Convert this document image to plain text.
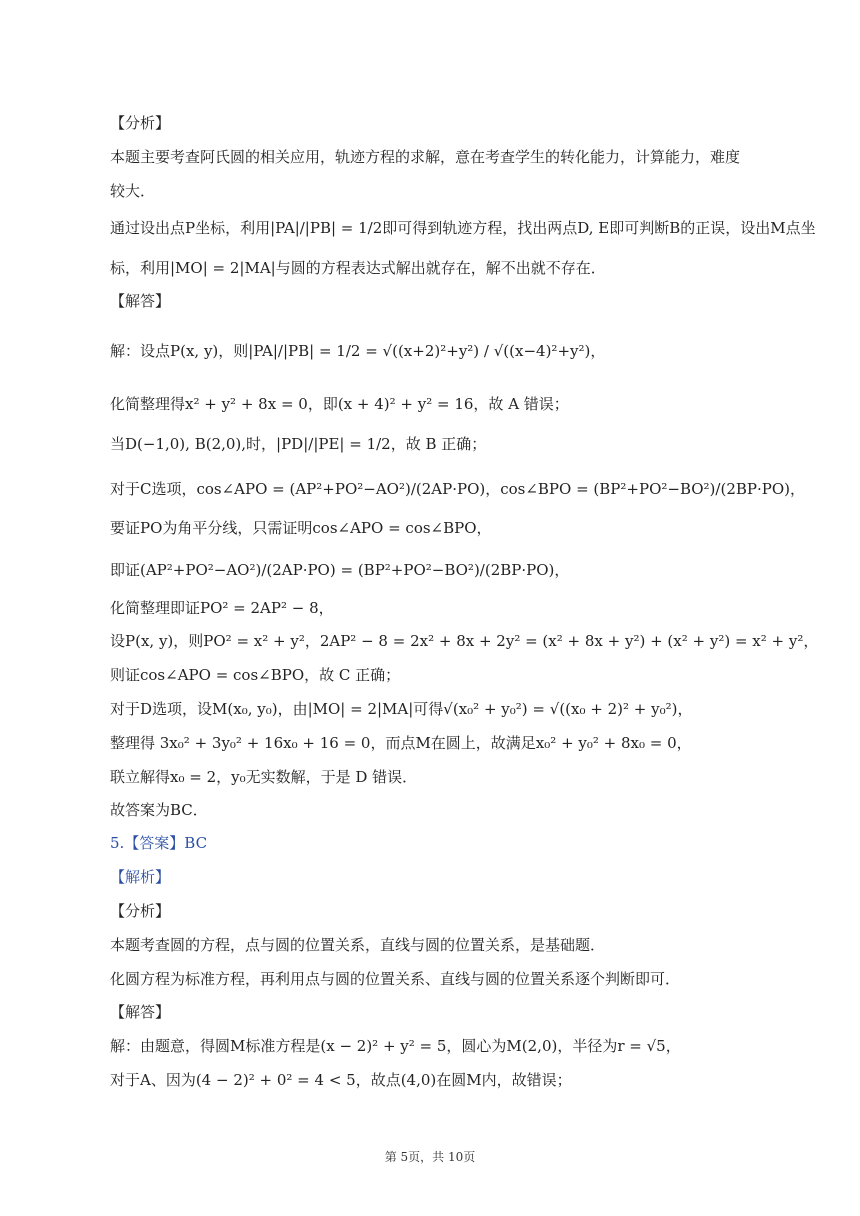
【分析】
本题主要考查阿氏圆的相关应用，轨迹方程的求解，意在考查学生的转化能力，计算能力，难度
较大．
通过设出点P坐标，利用|PA|/|PB| = 1/2即可得到轨迹方程，找出两点D, E即可判断B的正误，设出M点坐
标，利用|MO| = 2|MA|与圆的方程表达式解出就存在，解不出就不存在．
【解答】
解：设点P(x, y)，则|PA|/|PB| = 1/2 = √((x+2)²+y²) / √((x−4)²+y²)，
化简整理得x² + y² + 8x = 0，即(x + 4)² + y² = 16，故 A 错误；
当D(−1,0), B(2,0),时，|PD|/|PE| = 1/2，故 B 正确；
对于C选项，cos∠APO = (AP²+PO²−AO²)/(2AP·PO)，cos∠BPO = (BP²+PO²−BO²)/(2BP·PO)，
要证PO为角平分线，只需证明cos∠APO = cos∠BPO，
即证(AP²+PO²−AO²)/(2AP·PO) = (BP²+PO²−BO²)/(2BP·PO)，
化简整理即证PO² = 2AP² − 8，
设P(x, y)，则PO² = x² + y²，2AP² − 8 = 2x² + 8x + 2y² = (x² + 8x + y²) + (x² + y²) = x² + y²，
则证cos∠APO = cos∠BPO，故 C 正确；
对于D选项，设M(x₀, y₀)，由|MO| = 2|MA|可得√(x₀² + y₀²) = √((x₀ + 2)² + y₀²)，
整理得 3x₀² + 3y₀² + 16x₀ + 16 = 0，而点M在圆上，故满足x₀² + y₀² + 8x₀ = 0，
联立解得x₀ = 2，y₀无实数解，于是 D 错误．
故答案为BC．
5.【答案】BC
【解析】
【分析】
本题考查圆的方程，点与圆的位置关系，直线与圆的位置关系，是基础题．
化圆方程为标准方程，再利用点与圆的位置关系、直线与圆的位置关系逐个判断即可．
【解答】
解：由题意，得圆M标准方程是(x − 2)² + y² = 5，圆心为M(2,0)，半径为r = √5，
对于A、因为(4 − 2)² + 0² = 4 < 5，故点(4,0)在圆M内，故错误；
第 5页，共 10页
